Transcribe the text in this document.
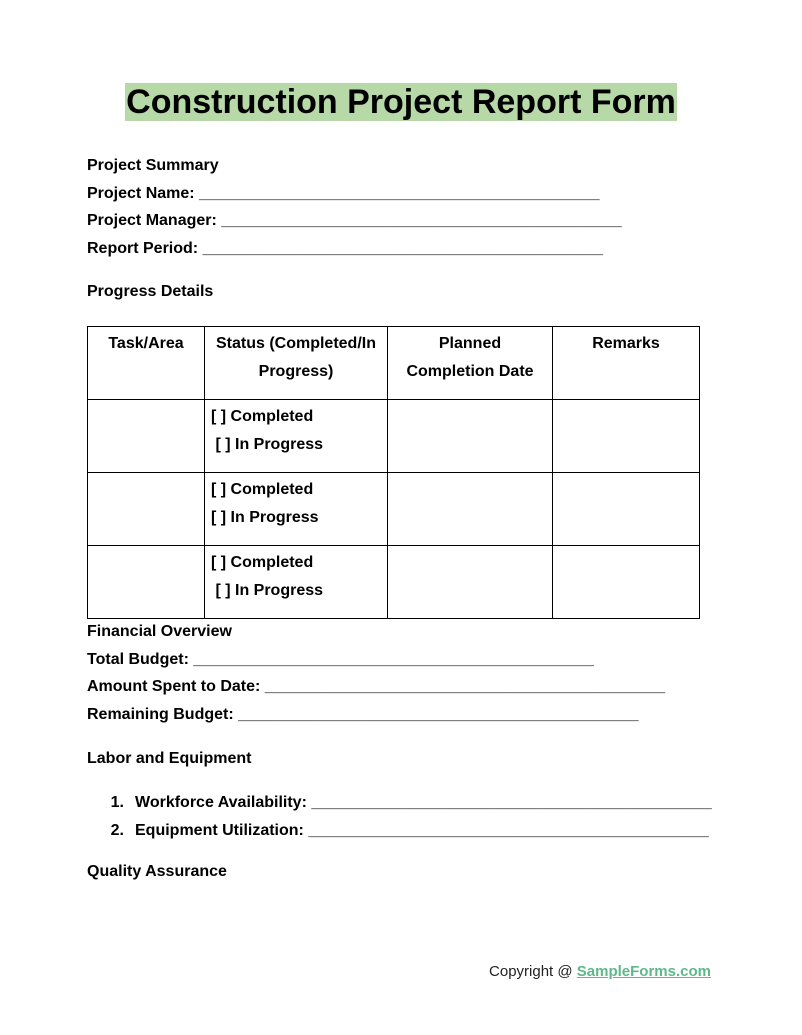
Construction Project Report Form
Project Summary
Project Name: _____________________________________________
Project Manager: _____________________________________________
Report Period: _____________________________________________
Progress Details
Task/Area	Status (Completed/In Progress)	Planned Completion Date	Remarks

	[ ] Completed
[ ] In Progress		

	[ ] Completed
[ ] In Progress		

	[ ] Completed
[ ] In Progress		

Financial Overview
Total Budget: _____________________________________________
Amount Spent to Date: _____________________________________________
Remaining Budget: _____________________________________________
Labor and Equipment
1. Workforce Availability: _____________________________________________
2. Equipment Utilization: _____________________________________________
Quality Assurance
Copyright @ SampleForms.com
